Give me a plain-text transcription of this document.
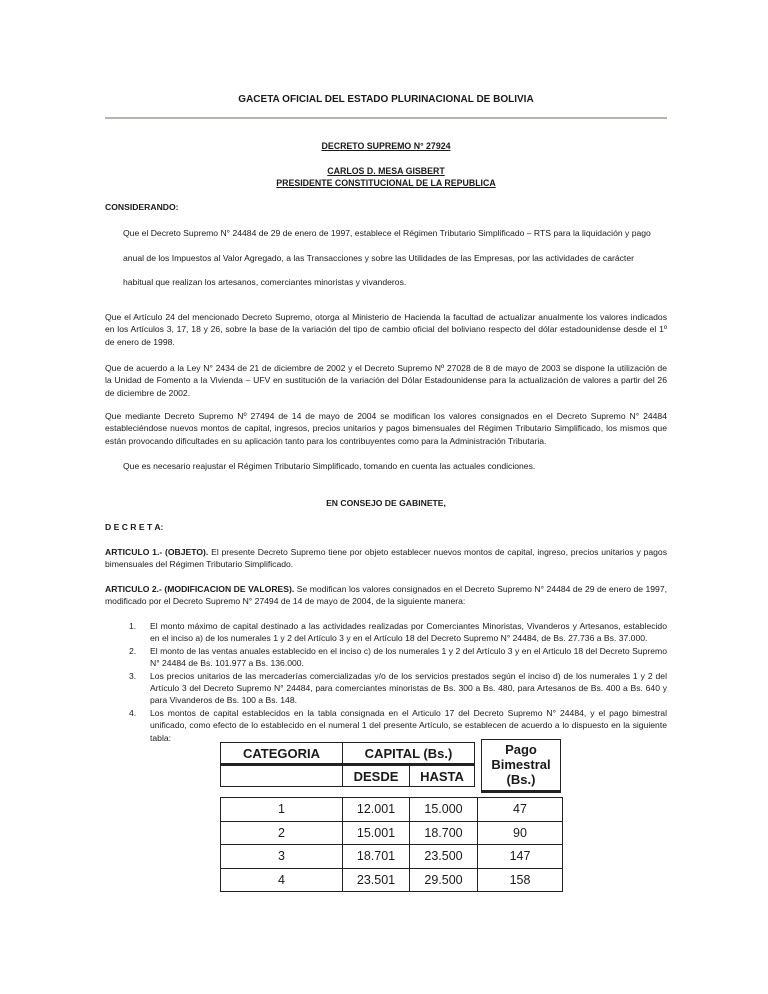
GACETA OFICIAL DEL ESTADO PLURINACIONAL DE BOLIVIA
DECRETO SUPREMO N° 27924
CARLOS D. MESA GISBERT
PRESIDENTE CONSTITUCIONAL DE LA REPUBLICA
CONSIDERANDO:
Que el Decreto Supremo N° 24484 de 29 de enero de 1997, establece el Régimen Tributario Simplificado – RTS para la liquidación y pago
anual de los Impuestos al Valor Agregado, a las Transacciones y sobre las Utilidades de las Empresas, por las actividades de carácter
habitual que realizan los artesanos, comerciantes minoristas y vivanderos.
Que el Artículo 24 del mencionado Decreto Supremo, otorga al Ministerio de Hacienda la facultad de actualizar anualmente los valores indicados en los Artículos 3, 17, 18 y 26, sobre la base de la variación del tipo de cambio oficial del boliviano respecto del dólar estadounidense desde el 1º de enero de 1998.
Que de acuerdo a la Ley N° 2434 de 21 de diciembre de 2002 y el Decreto Supremo Nº 27028 de 8 de mayo de 2003 se dispone la utilización de la Unidad de Fomento a la Vivienda – UFV en sustitución de la variación del Dólar Estadounidense para la actualización de valores a partir del 26 de diciembre de 2002.
Que mediante Decreto Supremo Nº 27494 de 14 de mayo de 2004 se modifican los valores consignados en el Decreto Supremo N° 24484 estableciéndose nuevos montos de capital, ingresos, precios unitarios y pagos bimensuales del Régimen Tributario Simplificado, los mismos que están provocando dificultades en su aplicación tanto para los contribuyentes como para la Administración Tributaria.
Que es necesario reajustar el Régimen Tributario Simplificado, tomando en cuenta las actuales condiciones.
EN CONSEJO DE GABINETE,
D E C R E T A:
ARTICULO 1.- (OBJETO). El presente Decreto Supremo tiene por objeto establecer nuevos montos de capital, ingreso, precios unitarios y pagos bimensuales del Régimen Tributario Simplificado.
ARTICULO 2.- (MODIFICACION DE VALORES). Se modifican los valores consignados en el Decreto Supremo N° 24484 de 29 de enero de 1997, modificado por el Decreto Supremo N° 27494 de 14 de mayo de 2004, de la siguiente manera:
1. El monto máximo de capital destinado a las actividades realizadas por Comerciantes Minoristas, Vivanderos y Artesanos, establecido en el inciso a) de los numerales 1 y 2 del Artículo 3 y en el Artículo 18 del Decreto Supremo N° 24484, de Bs. 27.736 a Bs. 37.000.
2. El monto de las ventas anuales establecido en el inciso c) de los numerales 1 y 2 del Artículo 3 y en el Articulo 18 del Decreto Supremo N° 24484 de Bs. 101.977 a Bs. 136.000.
3. Los precios unitarios de las mercaderías comercializadas y/o de los servicios prestados según el inciso d) de los numerales 1 y 2 del Artículo 3 del Decreto Supremo N° 24484, para comerciantes minoristas de Bs. 300 a Bs. 480, para Artesanos de Bs. 400 a Bs. 640 y para Vivanderos de Bs. 100 a Bs. 148.
4. Los montos de capital establecidos en la tabla consignada en el Articulo 17 del Decreto Supremo N° 24484, y el pago bimestral unificado, como efecto de lo establecido en el numeral 1 del presente Artículo, se establecen de acuerdo a lo dispuesto en la siguiente tabla:
CATEGORIA	CAPITAL (Bs.)	
	DESDE	HASTA
Pago
Bimestral
(Bs.)
1	12.001	15.000	47
2	15.001	18.700	90
3	18.701	23.500	147
4	23.501	29.500	158
